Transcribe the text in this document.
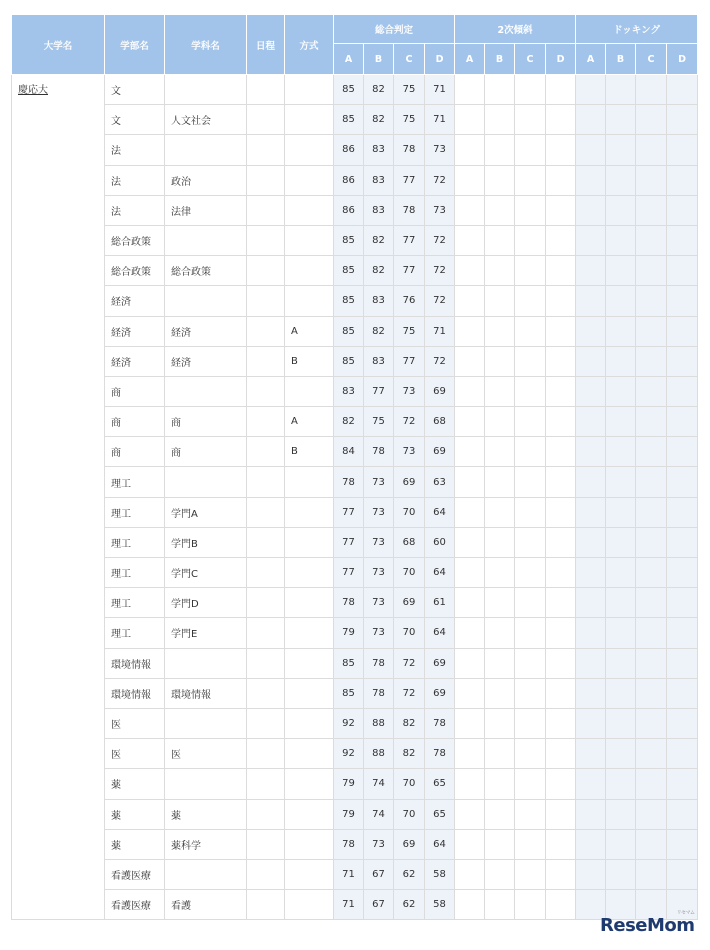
大学名	学部名	学科名	日程	方式	総合判定				2次傾斜				ドッキング			
					A	B	C	D	A	B	C	D	A	B	C	D
慶応大	文				85	82	75	71								
	文	人文社会			85	82	75	71								
	法				86	83	78	73								
	法	政治			86	83	77	72								
	法	法律			86	83	78	73								
	総合政策				85	82	77	72								
	総合政策	総合政策			85	82	77	72								
	経済				85	83	76	72								
	経済	経済		A	85	82	75	71								
	経済	経済		B	85	83	77	72								
	商				83	77	73	69								
	商	商		A	82	75	72	68								
	商	商		B	84	78	73	69								
	理工				78	73	69	63								
	理工	学門A			77	73	70	64								
	理工	学門B			77	73	68	60								
	理工	学門C			77	73	70	64								
	理工	学門D			78	73	69	61								
	理工	学門E			79	73	70	64								
	環境情報				85	78	72	69								
	環境情報	環境情報			85	78	72	69								
	医				92	88	82	78								
	医	医			92	88	82	78								
	薬				79	74	70	65								
	薬	薬			79	74	70	65								
	薬	薬科学			78	73	69	64								
	看護医療				71	67	62	58								
	看護医療	看護			71	67	62	58								
ReseMom
リセマム
